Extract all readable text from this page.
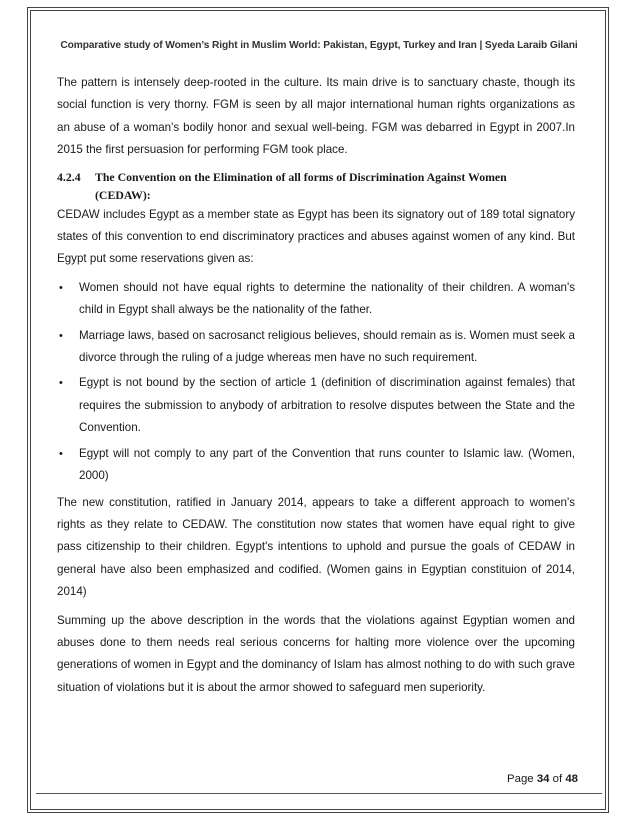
Comparative study of Women’s Right in Muslim World: Pakistan, Egypt, Turkey and Iran | Syeda Laraib Gilani

The pattern is intensely deep-rooted in the culture. Its main drive is to sanctuary chaste, though its social function is very thorny. FGM is seen by all major international human rights organizations as an abuse of a woman's bodily honor and sexual well-being. FGM was debarred in Egypt in 2007.In 2015 the first persuasion for performing FGM took place.

4.2.4	The Convention on the Elimination of all forms of Discrimination Against Women
(CEDAW):

CEDAW includes Egypt as a member state as Egypt has been its signatory out of 189 total signatory states of this convention to end discriminatory practices and abuses against women of any kind. But Egypt put some reservations given as:

• Women should not have equal rights to determine the nationality of their children. A woman's child in Egypt shall always be the nationality of the father.
• Marriage laws, based on sacrosanct religious believes, should remain as is. Women must seek a divorce through the ruling of a judge whereas men have no such requirement.
• Egypt is not bound by the section of article 1 (definition of discrimination against females) that requires the submission to anybody of arbitration to resolve disputes between the State and the Convention.
• Egypt will not comply to any part of the Convention that runs counter to Islamic law. (Women, 2000)

The new constitution, ratified in January 2014, appears to take a different approach to women's rights as they relate to CEDAW. The constitution now states that women have equal right to give pass citizenship to their children. Egypt's intentions to uphold and pursue the goals of CEDAW in general have also been emphasized and codified. (Women gains in Egyptian constituion of 2014, 2014)

Summing up the above description in the words that the violations against Egyptian women and abuses done to them needs real serious concerns for halting more violence over the upcoming generations of women in Egypt and the dominancy of Islam has almost nothing to do with such grave situation of violations but it is about the armor showed to safeguard men superiority.

Page 34 of 48
